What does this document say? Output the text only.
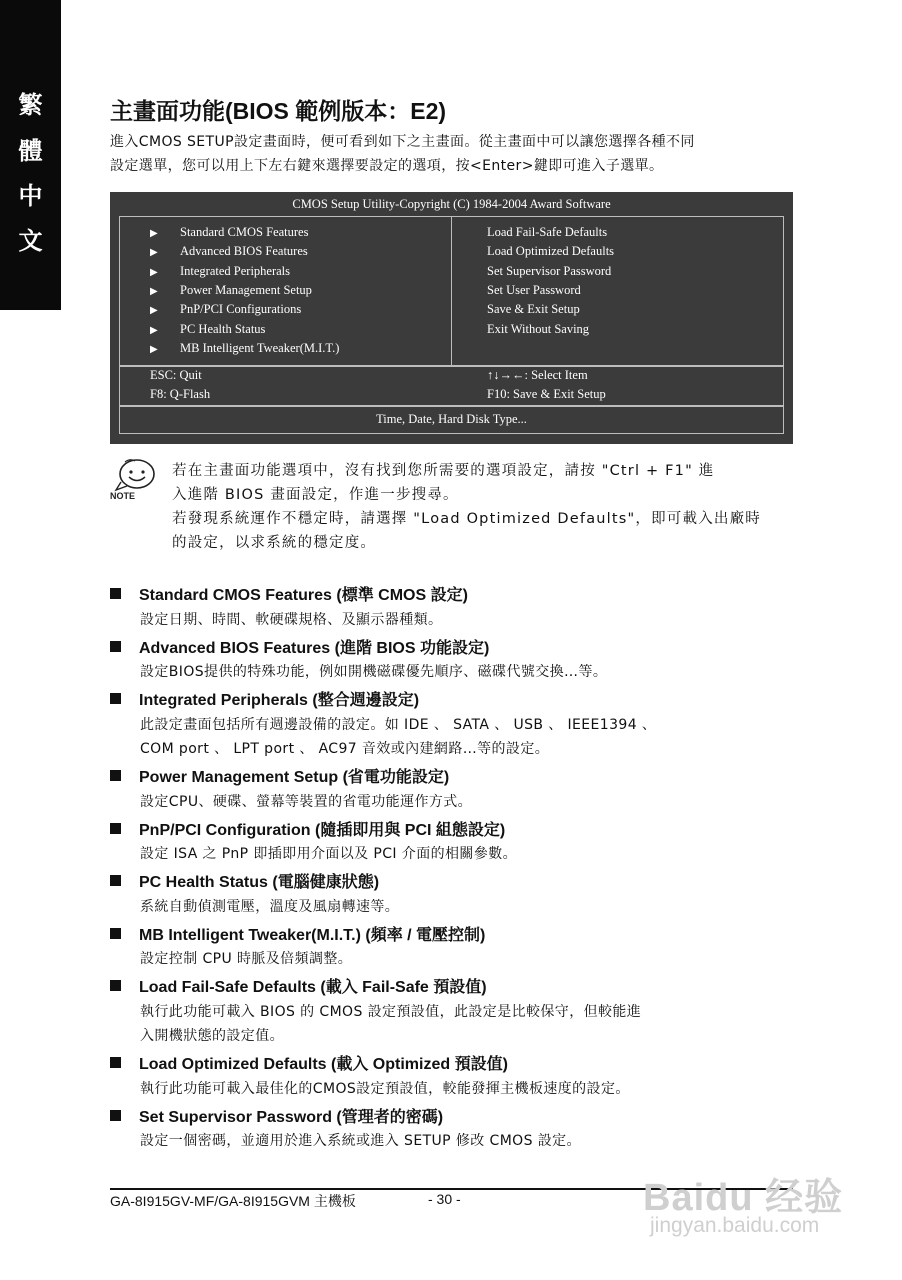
繁
體
中
文
主畫面功能(BIOS 範例版本：E2)
進入CMOS SETUP設定畫面時，便可看到如下之主畫面。從主畫面中可以讓您選擇各種不同
設定選單，您可以用上下左右鍵來選擇要設定的選項，按<Enter>鍵即可進入子選單。
CMOS Setup Utility-Copyright (C) 1984-2004 Award Software
▶ Standard CMOS Features
▶ Advanced BIOS Features
▶ Integrated Peripherals
▶ Power Management Setup
▶ PnP/PCI Configurations
▶ PC Health Status
▶ MB Intelligent Tweaker(M.I.T.)
Load Fail-Safe Defaults
Load Optimized Defaults
Set Supervisor Password
Set User Password
Save & Exit Setup
Exit Without Saving
ESC: Quit
F8: Q-Flash
↑↓→←: Select Item
F10: Save & Exit Setup
Time, Date, Hard Disk Type...
NOTE
若在主畫面功能選項中，沒有找到您所需要的選項設定，請按 "Ctrl + F1" 進
入進階 BIOS 畫面設定，作進一步搜尋。
若發現系統運作不穩定時，請選擇 "Load Optimized Defaults"，即可載入出廠時
的設定，以求系統的穩定度。
Standard CMOS Features (標準 CMOS 設定)
設定日期、時間、軟硬碟規格、及顯示器種類。
Advanced BIOS Features (進階 BIOS 功能設定)
設定BIOS提供的特殊功能，例如開機磁碟優先順序、磁碟代號交換…等。
Integrated Peripherals (整合週邊設定)
此設定畫面包括所有週邊設備的設定。如 IDE 、 SATA 、 USB 、 IEEE1394 、
COM port 、 LPT port 、 AC97 音效或內建網路…等的設定。
Power Management Setup (省電功能設定)
設定CPU、硬碟、螢幕等裝置的省電功能運作方式。
PnP/PCI Configuration (隨插即用與 PCI 組態設定)
設定 ISA 之 PnP 即插即用介面以及 PCI 介面的相關參數。
PC Health Status (電腦健康狀態)
系統自動偵測電壓，溫度及風扇轉速等。
MB Intelligent Tweaker(M.I.T.) (頻率 / 電壓控制)
設定控制 CPU 時脈及倍頻調整。
Load Fail-Safe Defaults (載入 Fail-Safe 預設值)
執行此功能可載入 BIOS 的 CMOS 設定預設值，此設定是比較保守，但較能進
入開機狀態的設定值。
Load Optimized Defaults (載入 Optimized 預設值)
執行此功能可載入最佳化的CMOS設定預設值，較能發揮主機板速度的設定。
Set Supervisor Password (管理者的密碼)
設定一個密碼，並適用於進入系統或進入 SETUP 修改 CMOS 設定。
GA-8I915GV-MF/GA-8I915GVM 主機板	- 30 -	Baidu 经验
jingyan.baidu.com
